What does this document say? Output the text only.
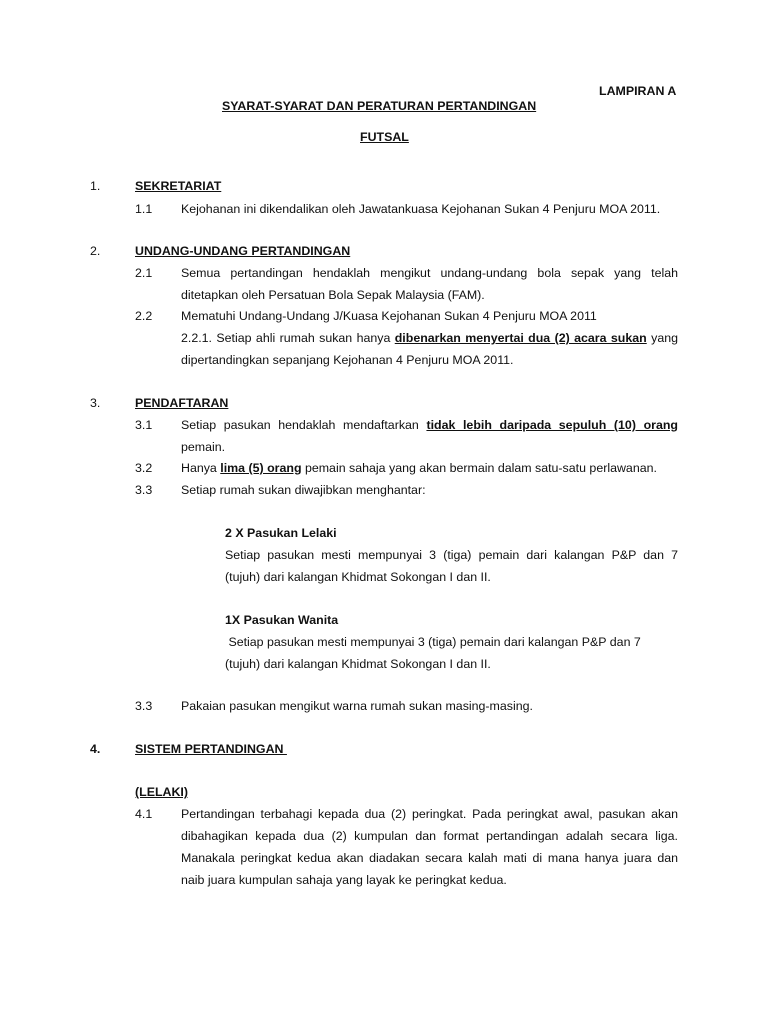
LAMPIRAN A
SYARAT-SYARAT DAN PERATURAN PERTANDINGAN
FUTSAL
1.	SEKRETARIAT
1.1 Kejohanan ini dikendalikan oleh Jawatankuasa Kejohanan Sukan 4 Penjuru MOA 2011.
2.	UNDANG-UNDANG PERTANDINGAN
2.1 Semua pertandingan hendaklah mengikut undang-undang bola sepak yang telah
ditetapkan oleh Persatuan Bola Sepak Malaysia (FAM).
2.2 Mematuhi Undang-Undang J/Kuasa Kejohanan Sukan 4 Penjuru MOA 2011
2.2.1. Setiap ahli rumah sukan hanya dibenarkan menyertai dua (2) acara sukan yang
dipertandingkan sepanjang Kejohanan 4 Penjuru MOA 2011.
3.	PENDAFTARAN
3.1 Setiap pasukan hendaklah mendaftarkan tidak lebih daripada sepuluh (10) orang
pemain.
3.2 Hanya lima (5) orang pemain sahaja yang akan bermain dalam satu-satu perlawanan.
3.3 Setiap rumah sukan diwajibkan menghantar:
2 X Pasukan Lelaki
Setiap pasukan mesti mempunyai 3 (tiga) pemain dari kalangan P&P dan 7
(tujuh) dari kalangan Khidmat Sokongan I dan II.
1X Pasukan Wanita
Setiap pasukan mesti mempunyai 3 (tiga) pemain dari kalangan P&P dan 7
(tujuh) dari kalangan Khidmat Sokongan I dan II.
3.3 Pakaian pasukan mengikut warna rumah sukan masing-masing.
4.	SISTEM PERTANDINGAN
(LELAKI)
4.1 Pertandingan terbahagi kepada dua (2) peringkat. Pada peringkat awal, pasukan akan
dibahagikan kepada dua (2) kumpulan dan format pertandingan adalah secara liga.
Manakala peringkat kedua akan diadakan secara kalah mati di mana hanya juara dan
naib juara kumpulan sahaja yang layak ke peringkat kedua.
